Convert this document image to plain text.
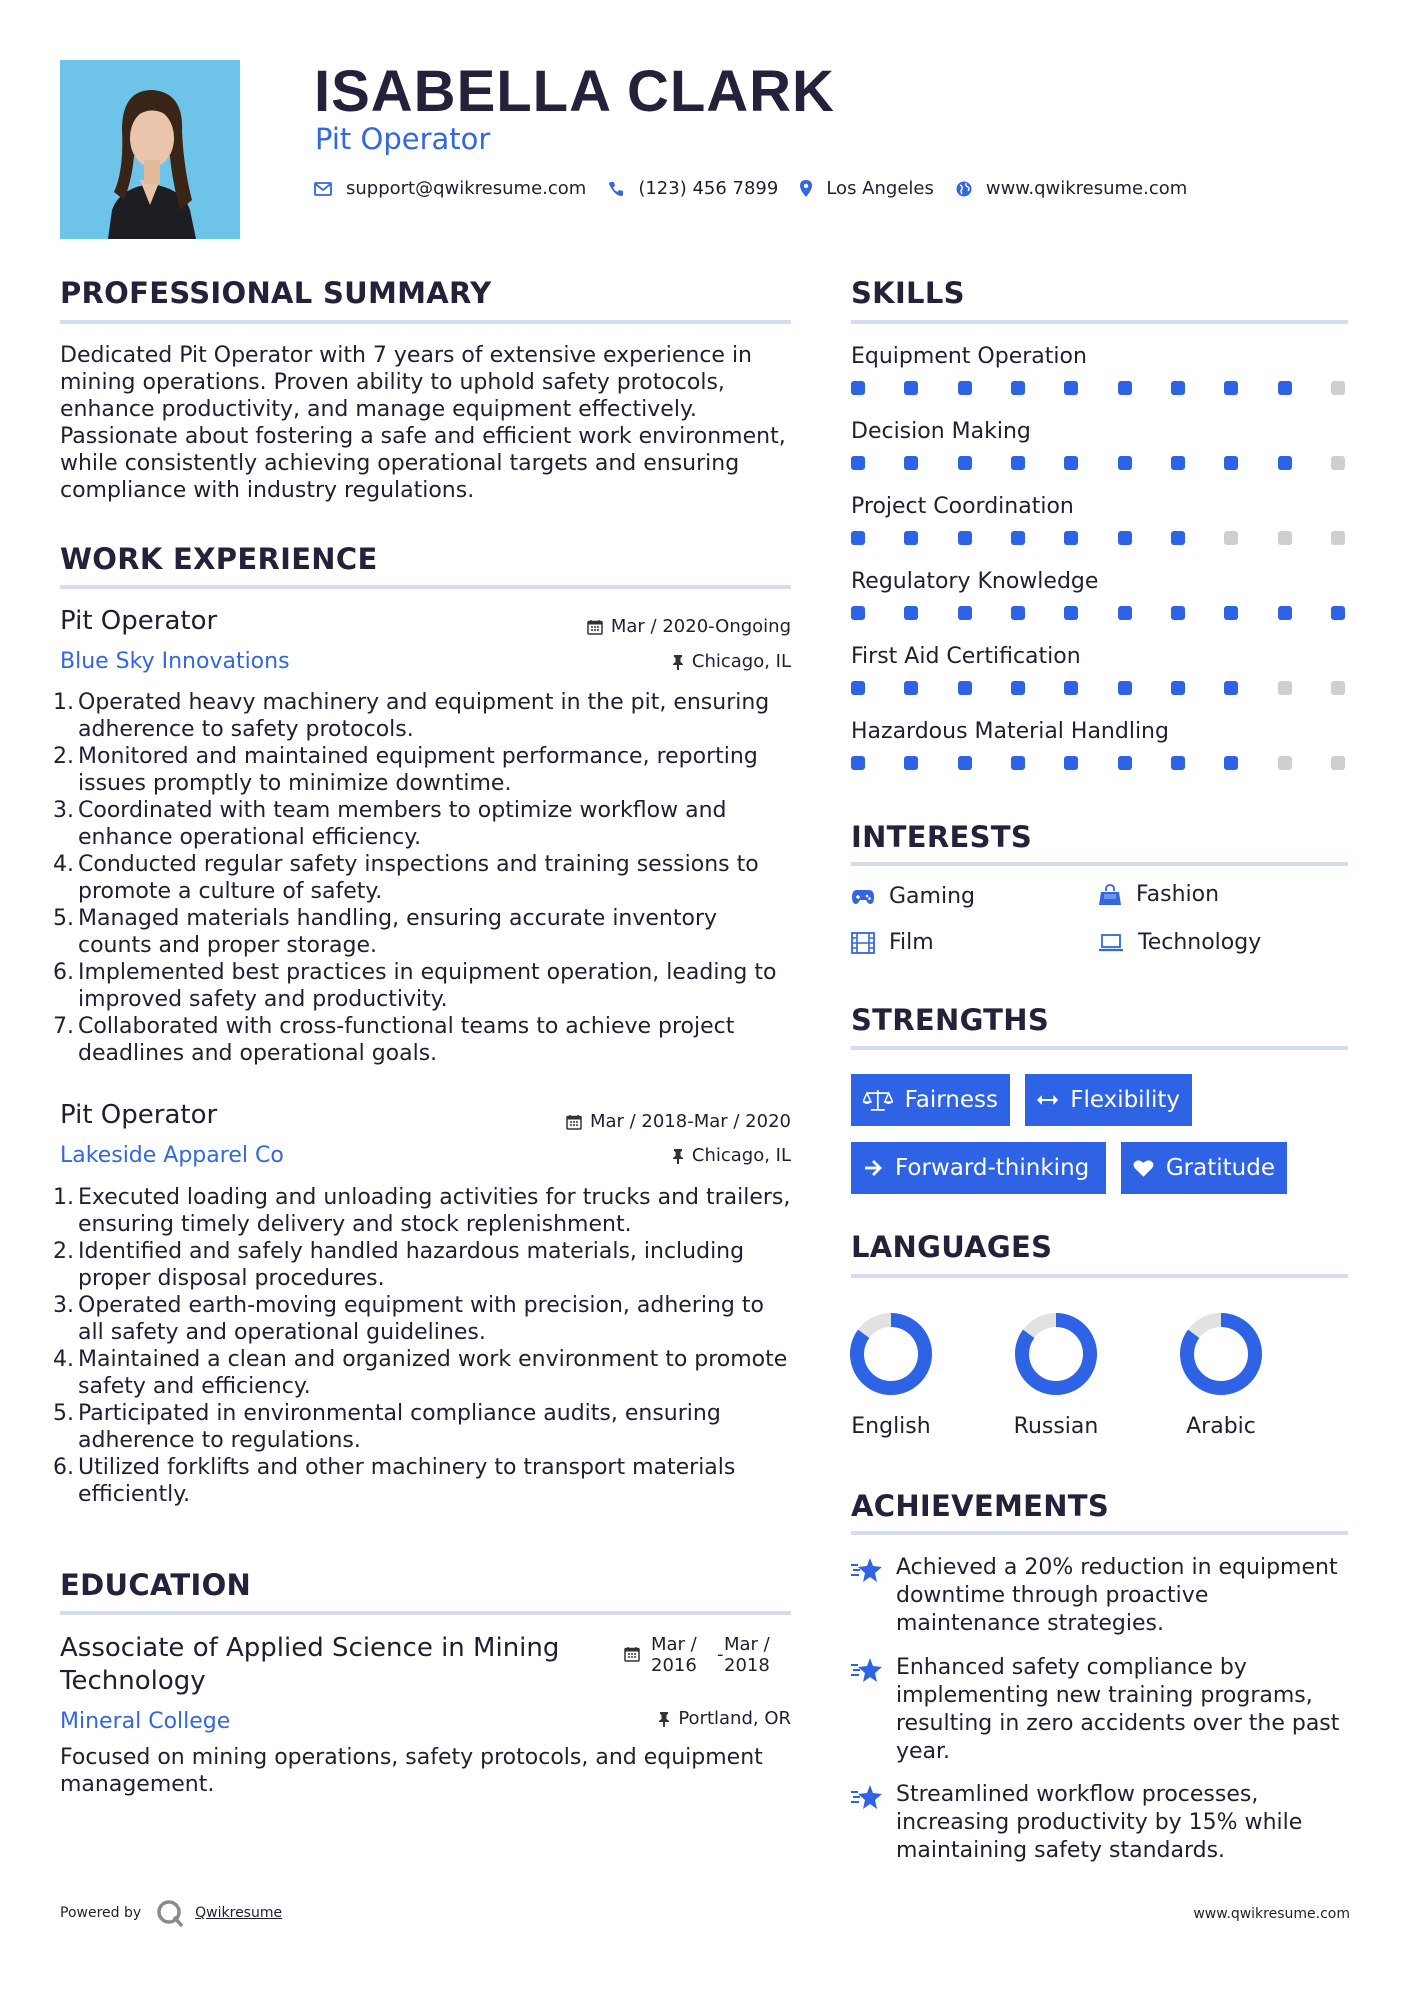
ISABELLA CLARK
Pit Operator
support@qwikresume.com	(123) 456 7899	Los Angeles	www.qwikresume.com
PROFESSIONAL SUMMARY
Dedicated Pit Operator with 7 years of extensive experience in mining operations. Proven ability to uphold safety protocols, enhance productivity, and manage equipment effectively. Passionate about fostering a safe and efficient work environment, while consistently achieving operational targets and ensuring compliance with industry regulations.
WORK EXPERIENCE
Pit Operator	Mar / 2020-Ongoing
Blue Sky Innovations	Chicago, IL
Operated heavy machinery and equipment in the pit, ensuring adherence to safety protocols.
Monitored and maintained equipment performance, reporting issues promptly to minimize downtime.
Coordinated with team members to optimize workflow and enhance operational efficiency.
Conducted regular safety inspections and training sessions to promote a culture of safety.
Managed materials handling, ensuring accurate inventory counts and proper storage.
Implemented best practices in equipment operation, leading to improved safety and productivity.
Collaborated with cross-functional teams to achieve project deadlines and operational goals.
Pit Operator	Mar / 2018-Mar / 2020
Lakeside Apparel Co	Chicago, IL
Executed loading and unloading activities for trucks and trailers, ensuring timely delivery and stock replenishment.
Identified and safely handled hazardous materials, including proper disposal procedures.
Operated earth-moving equipment with precision, adhering to all safety and operational guidelines.
Maintained a clean and organized work environment to promote safety and efficiency.
Participated in environmental compliance audits, ensuring adherence to regulations.
Utilized forklifts and other machinery to transport materials efficiently.
EDUCATION
Associate of Applied Science in Mining
Technology
Mar /
2016
- Mar /
2018
Mineral College	Portland, OR
Focused on mining operations, safety protocols, and equipment management.
SKILLS
Equipment Operation
Decision Making
Project Coordination
Regulatory Knowledge
First Aid Certification
Hazardous Material Handling
INTERESTS
Gaming	Fashion
Film	Technology
STRENGTHS
Fairness	Flexibility
Forward-thinking	Gratitude
LANGUAGES
English	Russian	Arabic
ACHIEVEMENTS
Achieved a 20% reduction in equipment downtime through proactive maintenance strategies.
Enhanced safety compliance by implementing new training programs, resulting in zero accidents over the past year.
Streamlined workflow processes, increasing productivity by 15% while maintaining safety standards.
Powered by	Qwikresume	www.qwikresume.com
